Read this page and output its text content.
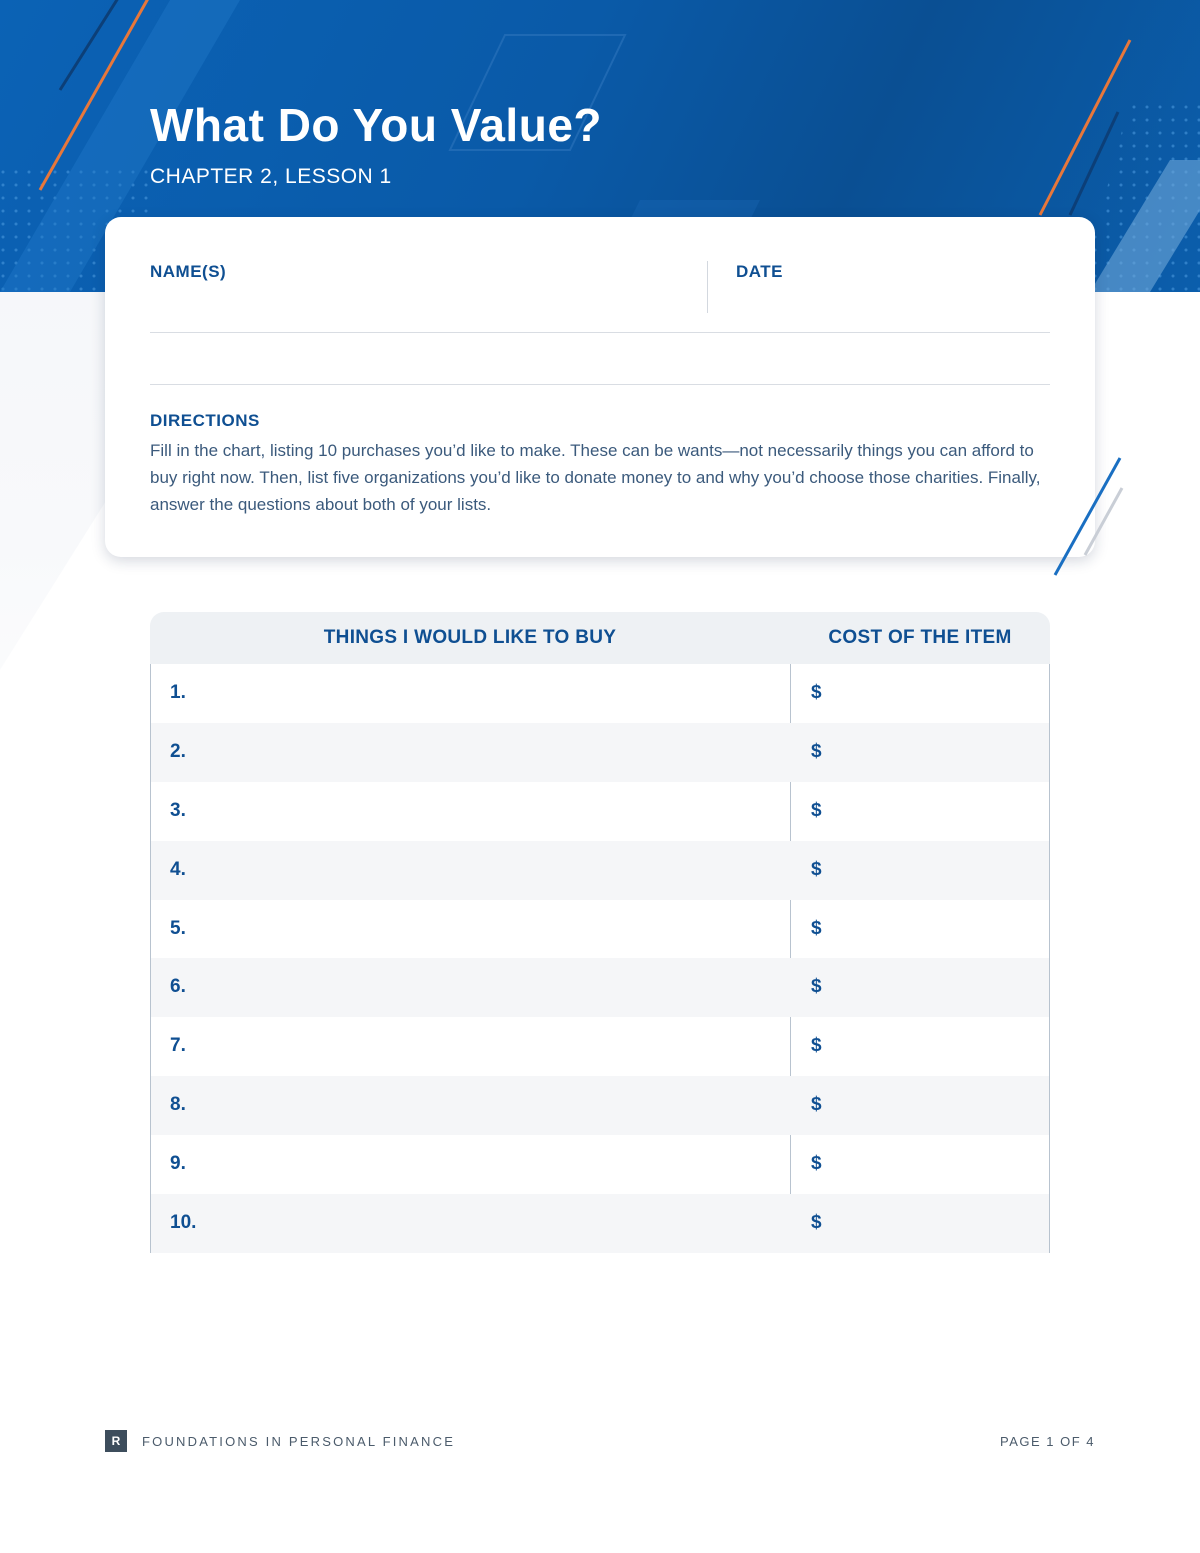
What Do You Value?
CHAPTER 2, LESSON 1
NAME(S)	DATE
DIRECTIONS
Fill in the chart, listing 10 purchases you’d like to make. These can be wants—not necessarily things you can afford to buy right now. Then, list five organizations you’d like to donate money to and why you’d choose those charities. Finally, answer the questions about both of your lists.
THINGS I WOULD LIKE TO BUY	COST OF THE ITEM
1.	$
2.	$
3.	$
4.	$
5.	$
6.	$
7.	$
8.	$
9.	$
10.	$
R	FOUNDATIONS IN PERSONAL FINANCE	PAGE 1 OF 4
